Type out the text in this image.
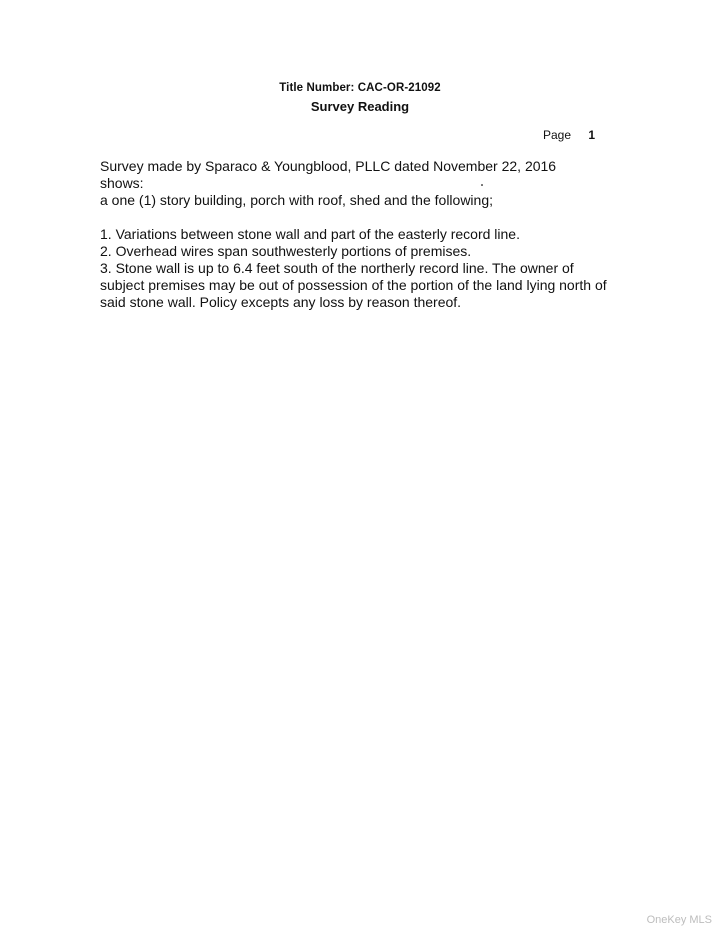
Title Number: CAC-OR-21092
Survey Reading
Page 1

Survey made by Sparaco & Youngblood, PLLC dated November 22, 2016

shows:

a one (1) story building, porch with roof, shed and the following;

1. Variations between stone wall and part of the easterly record line.

2. Overhead wires span southwesterly portions of premises.

3. Stone wall is up to 6.4 feet south of the northerly record line. The owner of subject premises may be out of possession of the portion of the land lying north of said stone wall. Policy excepts any loss by reason thereof.

OneKey MLS
